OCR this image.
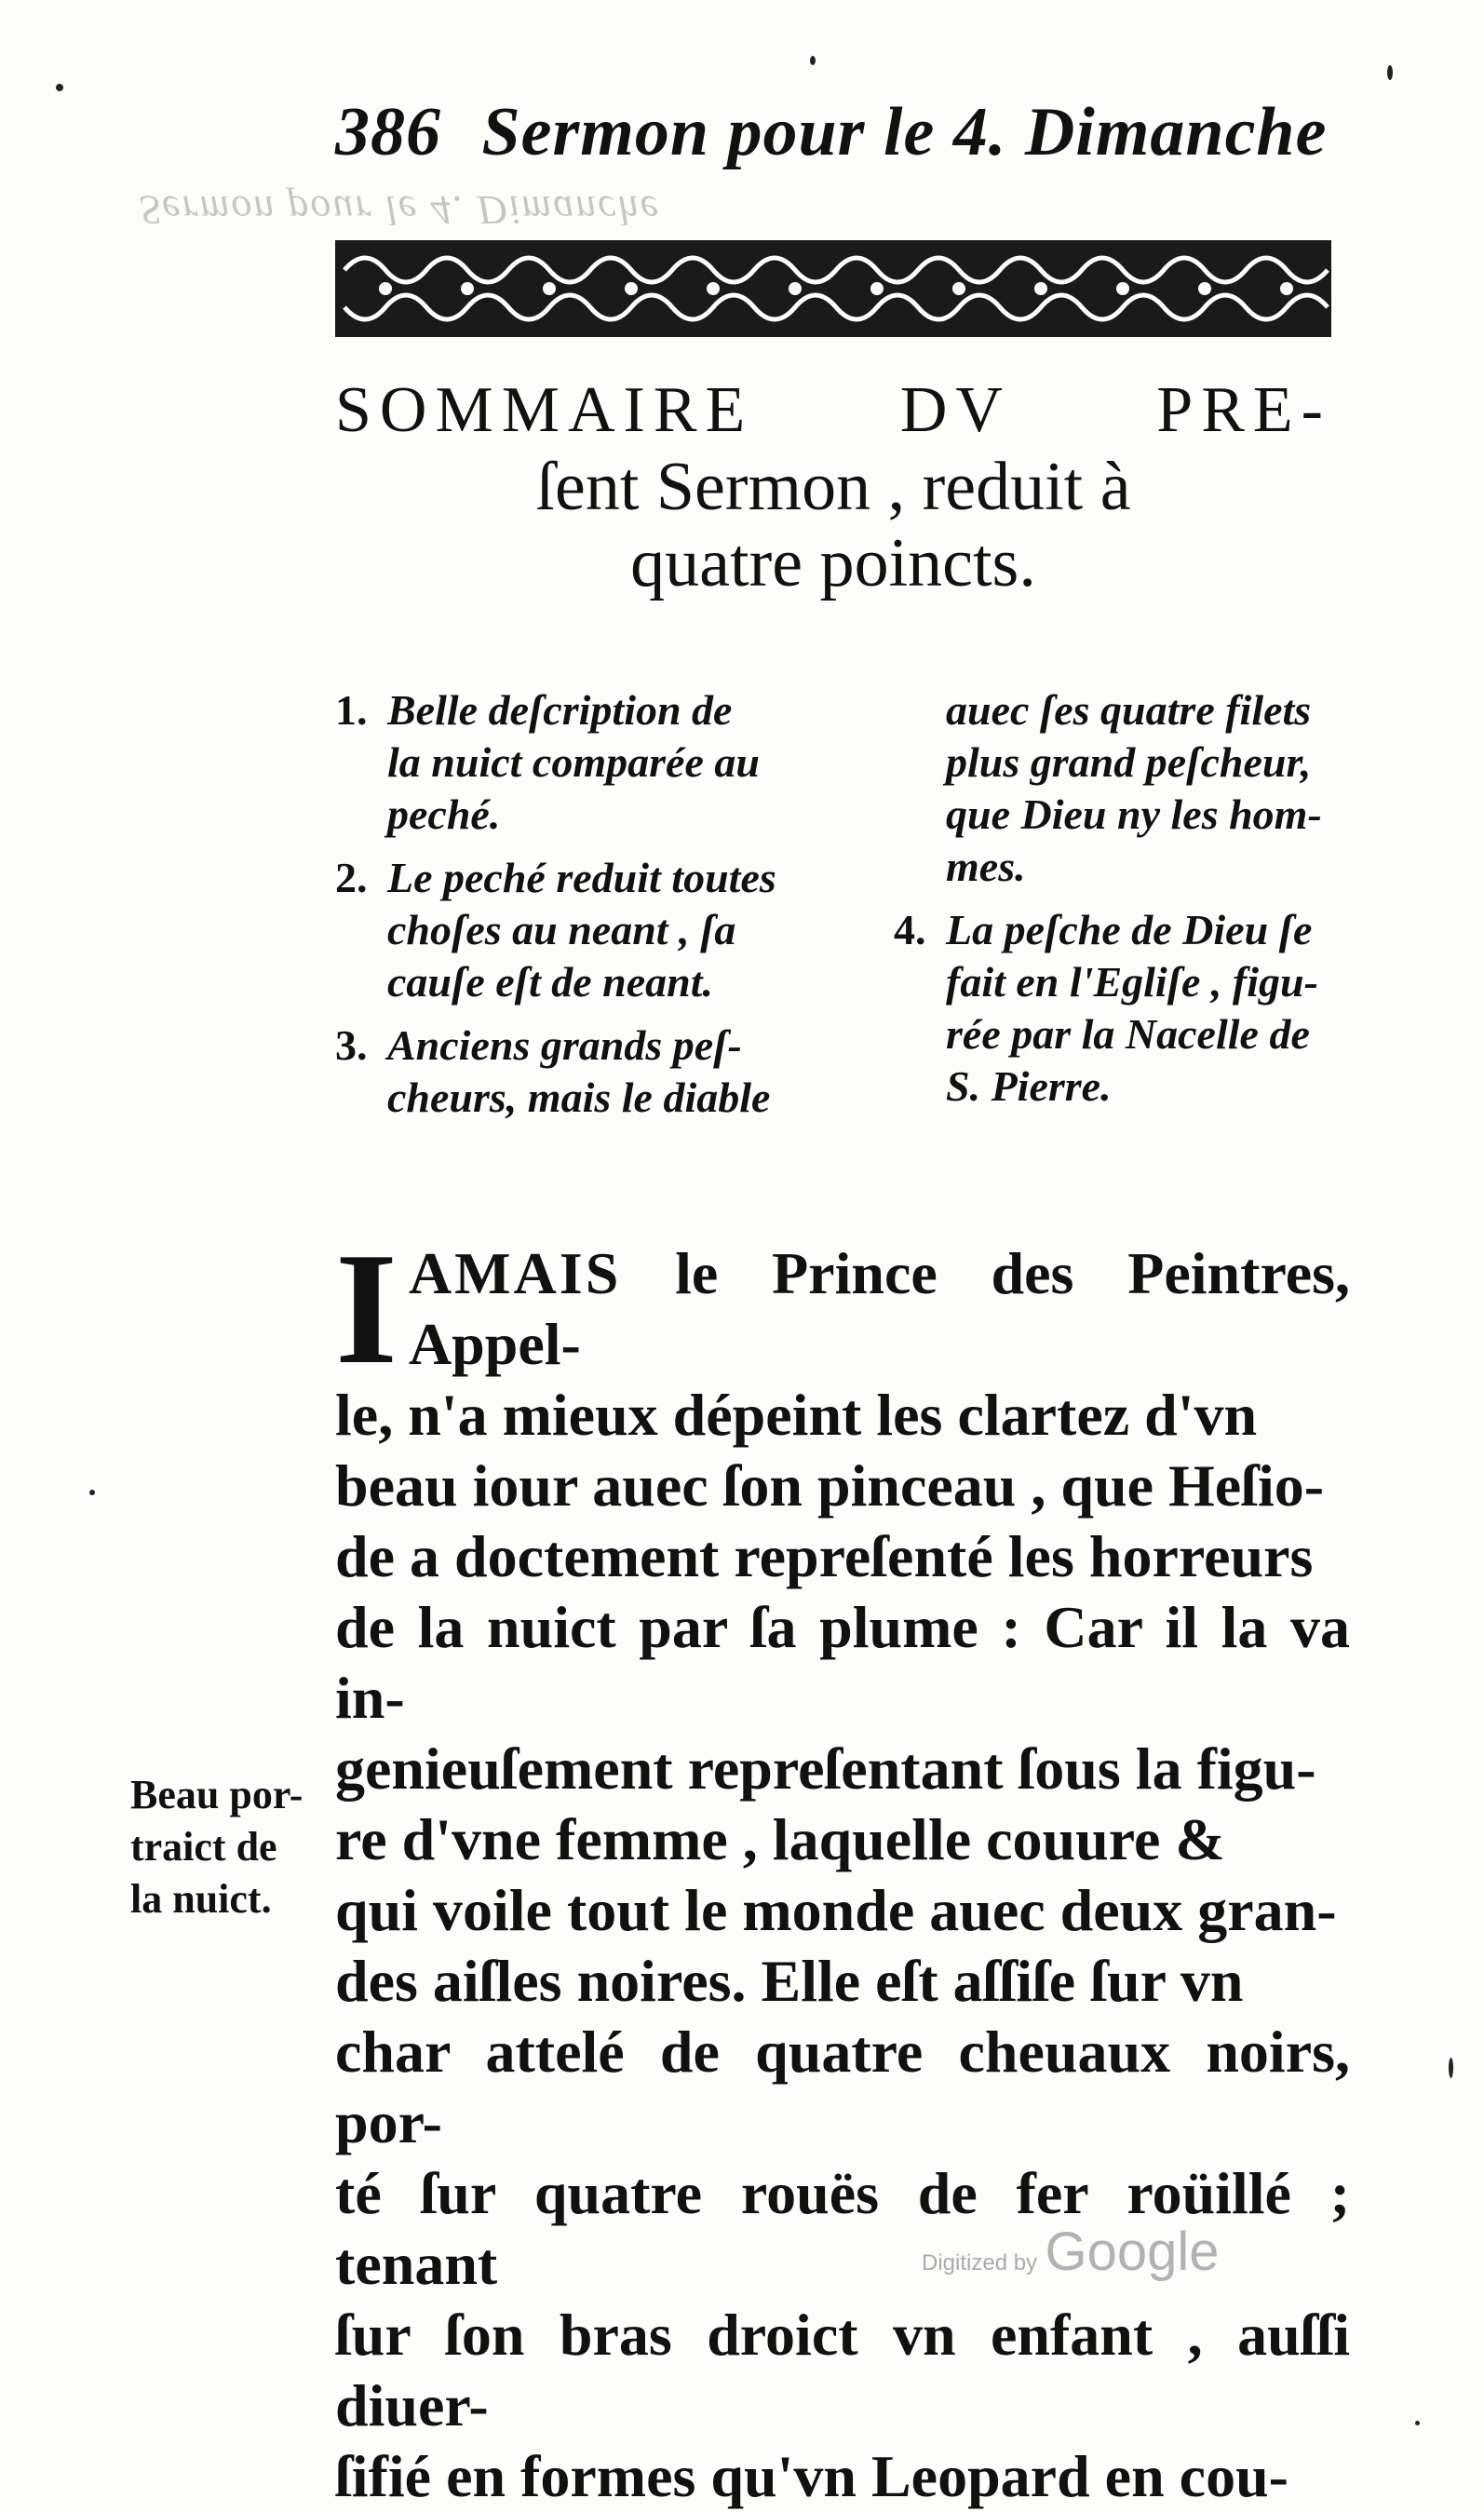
386 Sermon pour le 4. Dimanche
Sermon pour le 4. Dimanche
SOMMAIRE DV PRE-
ſent Sermon , reduit à
quatre poincts.
1. Belle deſcription de
la nuict comparée au
peché.
2. Le peché reduit toutes
choſes au neant , ſa
cauſe eſt de neant.
3. Anciens grands peſ-
cheurs, mais le diable
auec ſes quatre filets
plus grand peſcheur,
que Dieu ny les hom-
mes.
4. La peſche de Dieu ſe
fait en l'Egliſe , figu-
rée par la Nacelle de
S. Pierre.
I AMAIS le Prince des Peintres, Appel-
le, n'a mieux dépeint les clartez d'vn
beau iour auec ſon pinceau , que Heſio-
de a doctement repreſenté les horreurs
de la nuict par ſa plume : Car il la va in-
genieuſement repreſentant ſous la figu-
re d'vne femme , laquelle couure &
qui voile tout le monde auec deux gran-
des aiſles noires. Elle eſt aſſiſe ſur vn
char attelé de quatre cheuaux noirs, por-
té ſur quatre rouës de fer roüillé ; tenant
ſur ſon bras droict vn enfant , auſſi diuer-
ſifié en formes qu'vn Leopard en cou-
Beau por-
traict de
la nuict.
Digitized by Google
